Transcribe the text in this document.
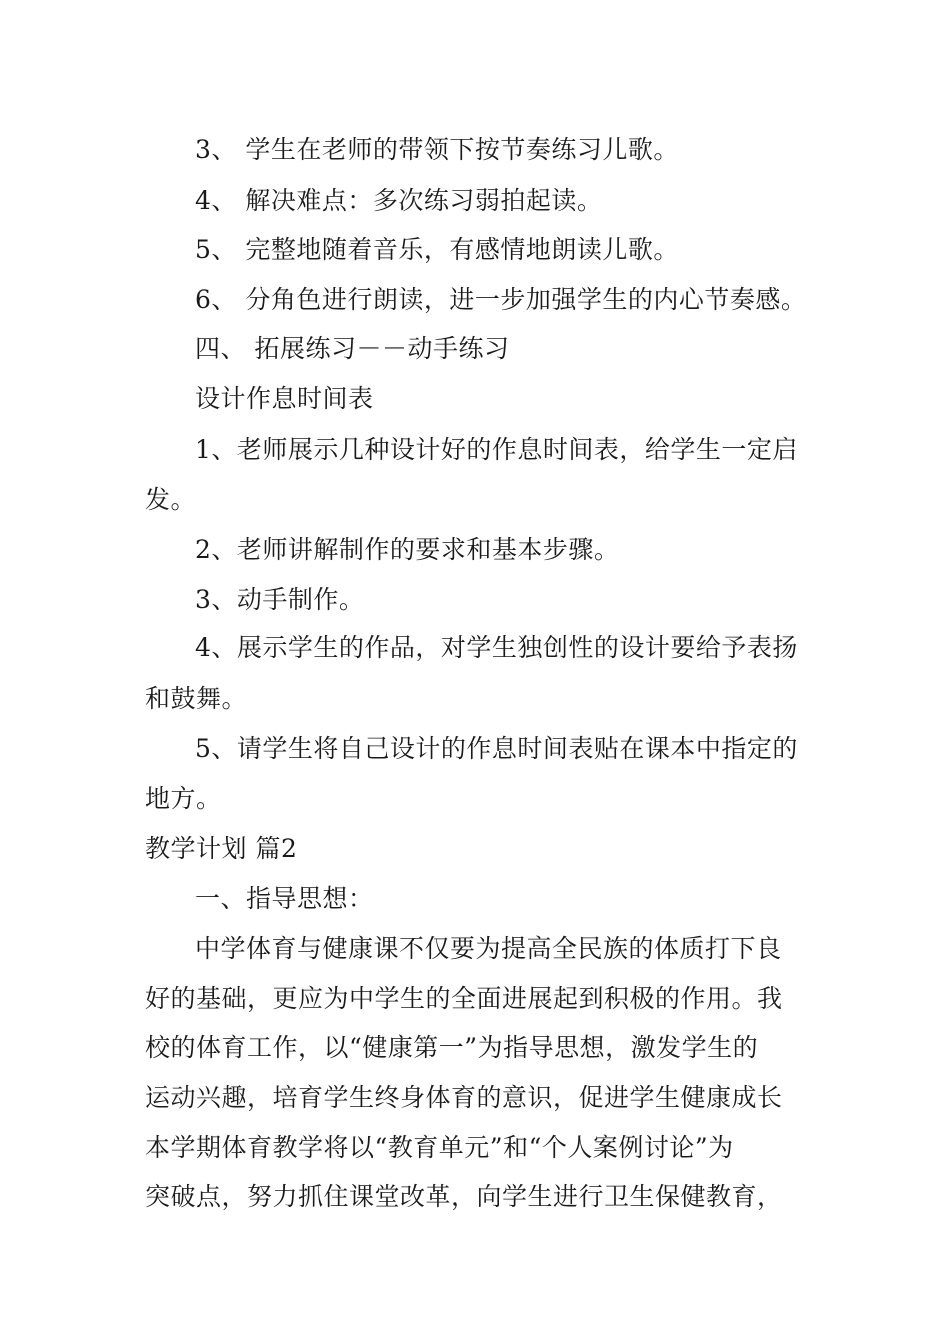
3、 学生在老师的带领下按节奏练习儿歌。
4、 解决难点：多次练习弱拍起读。
5、 完整地随着音乐，有感情地朗读儿歌。
6、 分角色进行朗读，进一步加强学生的内心节奏感。
四、 拓展练习－－动手练习
设计作息时间表
1、老师展示几种设计好的作息时间表，给学生一定启
发。
2、老师讲解制作的要求和基本步骤。
3、动手制作。
4、展示学生的作品，对学生独创性的设计要给予表扬
和鼓舞。
5、请学生将自己设计的作息时间表贴在课本中指定的
地方。
教学计划 篇2
一、指导思想：
中学体育与健康课不仅要为提高全民族的体质打下良
好的基础，更应为中学生的全面进展起到积极的作用。我
校的体育工作，以“健康第一”为指导思想，激发学生的
运动兴趣，培育学生终身体育的意识，促进学生健康成长
本学期体育教学将以“教育单元”和“个人案例讨论”为
突破点，努力抓住课堂改革，向学生进行卫生保健教育，
